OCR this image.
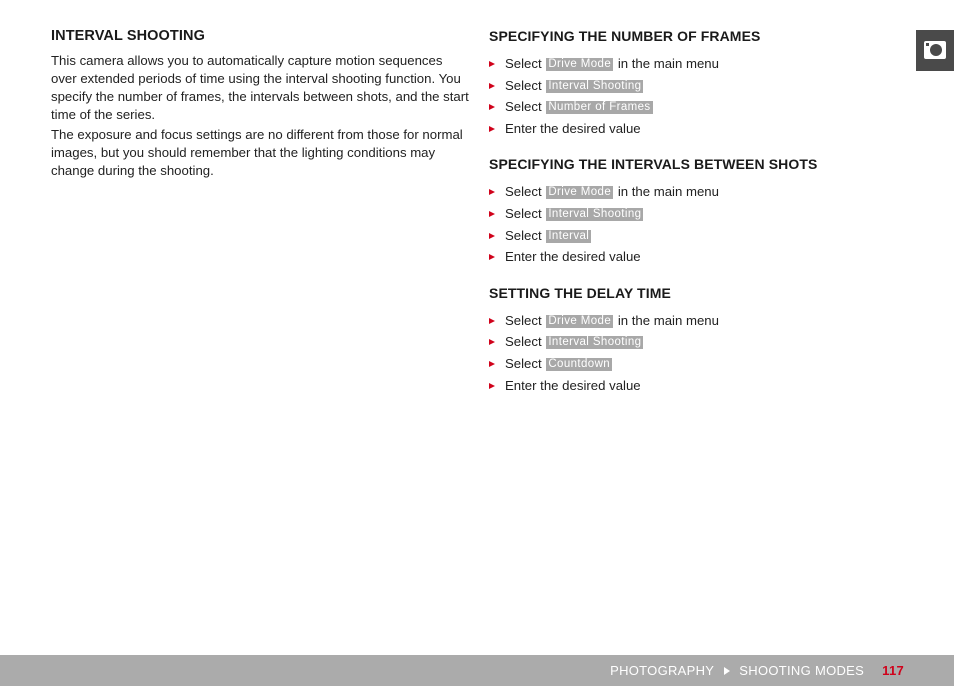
INTERVAL SHOOTING

This camera allows you to automatically capture motion sequences over extended periods of time using the interval shooting function. You specify the number of frames, the intervals between shots, and the start time of the series.

The exposure and focus settings are no different from those for normal images, but you should remember that the lighting conditions may change during the shooting.

SPECIFYING THE NUMBER OF FRAMES
Select Drive Mode in the main menu
Select Interval Shooting
Select Number of Frames
Enter the desired value
SPECIFYING THE INTERVALS BETWEEN SHOTS
Select Drive Mode in the main menu
Select Interval Shooting
Select Interval
Enter the desired value
SETTING THE DELAY TIME
Select Drive Mode in the main menu
Select Interval Shooting
Select Countdown
Enter the desired value
PHOTOGRAPHY SHOOTING MODES 117
